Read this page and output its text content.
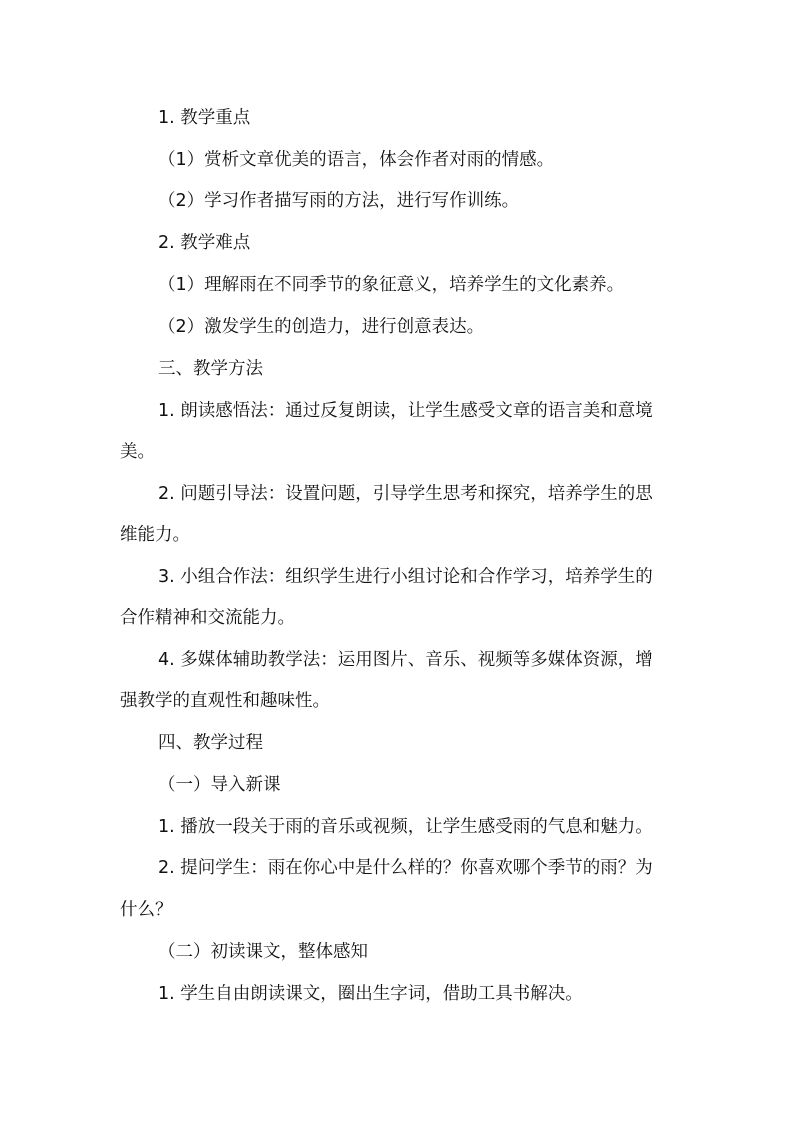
1. 教学重点
（1）赏析文章优美的语言，体会作者对雨的情感。
（2）学习作者描写雨的方法，进行写作训练。
2. 教学难点
（1）理解雨在不同季节的象征意义，培养学生的文化素养。
（2）激发学生的创造力，进行创意表达。
三、教学方法
1. 朗读感悟法：通过反复朗读，让学生感受文章的语言美和意境
美。
2. 问题引导法：设置问题，引导学生思考和探究，培养学生的思
维能力。
3. 小组合作法：组织学生进行小组讨论和合作学习，培养学生的
合作精神和交流能力。
4. 多媒体辅助教学法：运用图片、音乐、视频等多媒体资源，增
强教学的直观性和趣味性。
四、教学过程
（一）导入新课
1. 播放一段关于雨的音乐或视频，让学生感受雨的气息和魅力。
2. 提问学生：雨在你心中是什么样的？你喜欢哪个季节的雨？为
什么？
（二）初读课文，整体感知
1. 学生自由朗读课文，圈出生字词，借助工具书解决。
